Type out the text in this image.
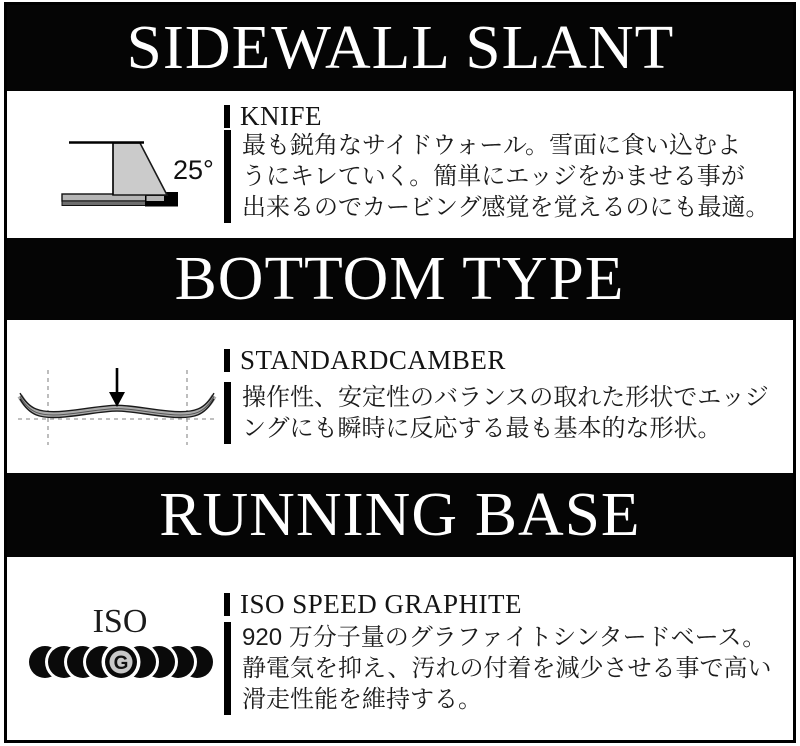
SIDEWALL SLANT
25°
KNIFE
最も鋭角なサイドウォール。雪面に食い込むよ
うにキレていく。簡単にエッジをかませる事が
出来るのでカービング感覚を覚えるのにも最適。
BOTTOM TYPE
STANDARDCAMBER
操作性、安定性のバランスの取れた形状でエッジ
ングにも瞬時に反応する最も基本的な形状。
RUNNING BASE
ISO
G
ISO SPEED GRAPHITE
920 万分子量のグラファイトシンタードベース。
静電気を抑え、汚れの付着を減少させる事で高い
滑走性能を維持する。
